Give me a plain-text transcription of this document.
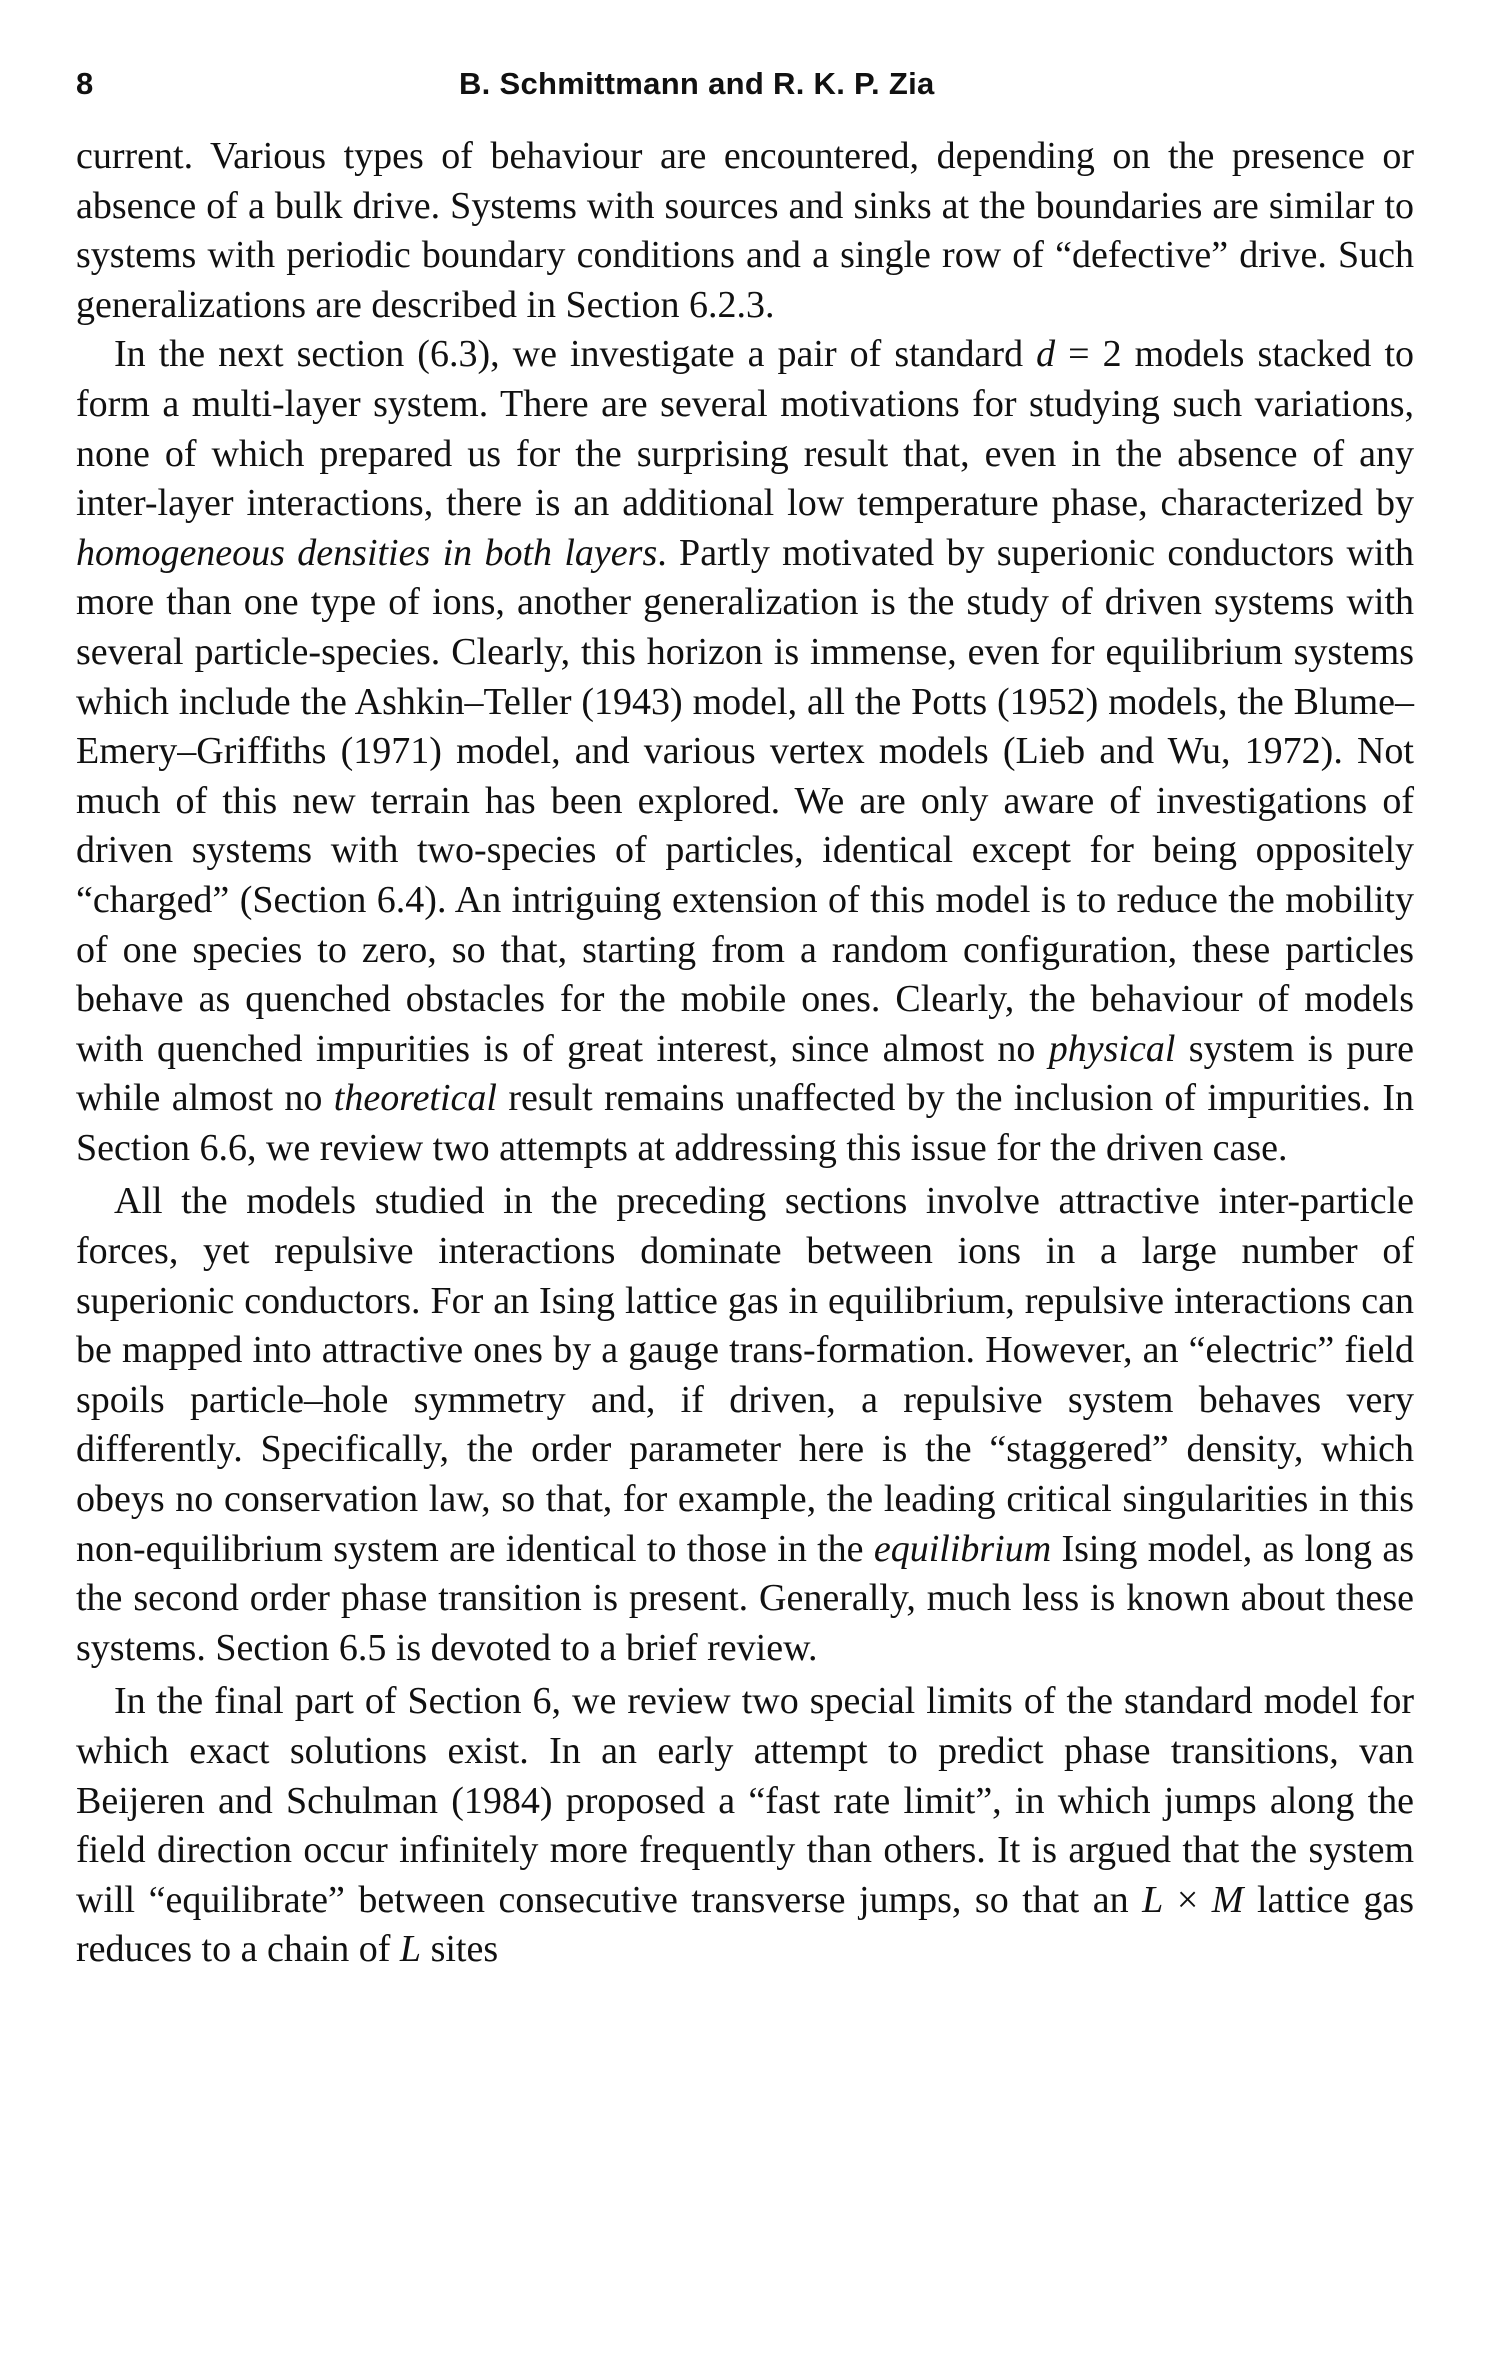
8	B. Schmittmann and R. K. P. Zia

current. Various types of behaviour are encountered, depending on the presence or absence of a bulk drive. Systems with sources and sinks at the boundaries are similar to systems with periodic boundary conditions and a single row of “defective” drive. Such generalizations are described in Section 6.2.3.

In the next section (6.3), we investigate a pair of standard d = 2 models stacked to form a multi-layer system. There are several motivations for studying such variations, none of which prepared us for the surprising result that, even in the absence of any inter-layer interactions, there is an additional low temperature phase, characterized by homogeneous densities in both layers. Partly motivated by superionic conductors with more than one type of ions, another generalization is the study of driven systems with several particle-species. Clearly, this horizon is immense, even for equilibrium systems which include the Ashkin–Teller (1943) model, all the Potts (1952) models, the Blume–Emery–Griffiths (1971) model, and various vertex models (Lieb and Wu, 1972). Not much of this new terrain has been explored. We are only aware of investigations of driven systems with two-species of particles, identical except for being oppositely “charged” (Section 6.4). An intriguing extension of this model is to reduce the mobility of one species to zero, so that, starting from a random configuration, these particles behave as quenched obstacles for the mobile ones. Clearly, the behaviour of models with quenched impurities is of great interest, since almost no physical system is pure while almost no theoretical result remains unaffected by the inclusion of impurities. In Section 6.6, we review two attempts at addressing this issue for the driven case.

All the models studied in the preceding sections involve attractive inter-particle forces, yet repulsive interactions dominate between ions in a large number of superionic conductors. For an Ising lattice gas in equilibrium, repulsive interactions can be mapped into attractive ones by a gauge trans-formation. However, an “electric” field spoils particle–hole symmetry and, if driven, a repulsive system behaves very differently. Specifically, the order parameter here is the “staggered” density, which obeys no conservation law, so that, for example, the leading critical singularities in this non-equilibrium system are identical to those in the equilibrium Ising model, as long as the second order phase transition is present. Generally, much less is known about these systems. Section 6.5 is devoted to a brief review.

In the final part of Section 6, we review two special limits of the standard model for which exact solutions exist. In an early attempt to predict phase transitions, van Beijeren and Schulman (1984) proposed a “fast rate limit”, in which jumps along the field direction occur infinitely more frequently than others. It is argued that the system will “equilibrate” between consecutive transverse jumps, so that an L × M lattice gas reduces to a chain of L sites
